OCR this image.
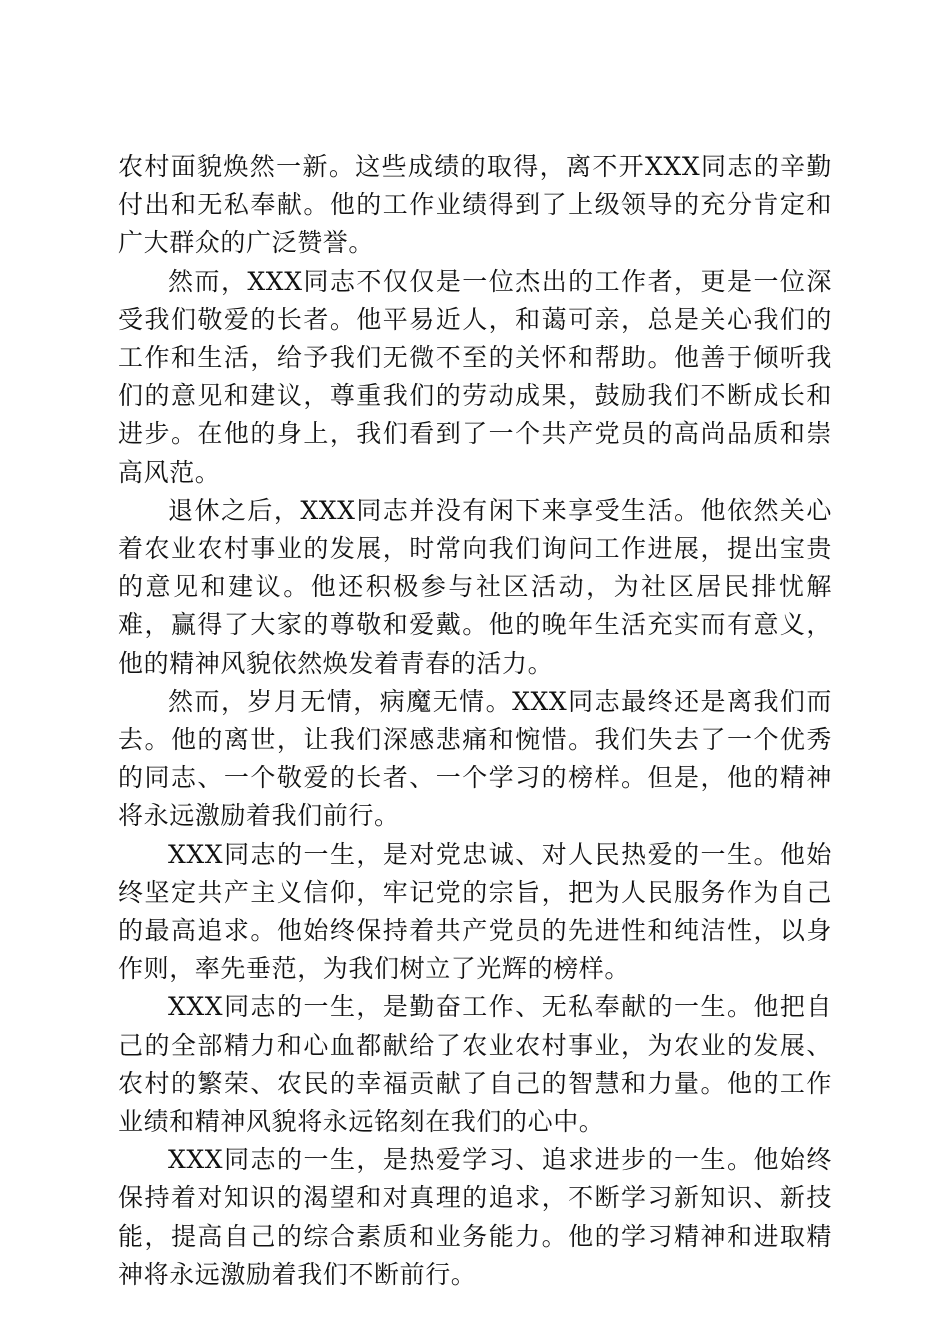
农村面貌焕然一新。这些成绩的取得，离不开XXX同志的辛勤付出和无私奉献。他的工作业绩得到了上级领导的充分肯定和广大群众的广泛赞誉。

然而，XXX同志不仅仅是一位杰出的工作者，更是一位深受我们敬爱的长者。他平易近人，和蔼可亲，总是关心我们的工作和生活，给予我们无微不至的关怀和帮助。他善于倾听我们的意见和建议，尊重我们的劳动成果，鼓励我们不断成长和进步。在他的身上，我们看到了一个共产党员的高尚品质和崇高风范。

退休之后，XXX同志并没有闲下来享受生活。他依然关心着农业农村事业的发展，时常向我们询问工作进展，提出宝贵的意见和建议。他还积极参与社区活动，为社区居民排忧解难，赢得了大家的尊敬和爱戴。他的晚年生活充实而有意义，他的精神风貌依然焕发着青春的活力。

然而，岁月无情，病魔无情。XXX同志最终还是离我们而去。他的离世，让我们深感悲痛和惋惜。我们失去了一个优秀的同志、一个敬爱的长者、一个学习的榜样。但是，他的精神将永远激励着我们前行。

XXX同志的一生，是对党忠诚、对人民热爱的一生。他始终坚定共产主义信仰，牢记党的宗旨，把为人民服务作为自己的最高追求。他始终保持着共产党员的先进性和纯洁性，以身作则，率先垂范，为我们树立了光辉的榜样。

XXX同志的一生，是勤奋工作、无私奉献的一生。他把自己的全部精力和心血都献给了农业农村事业，为农业的发展、农村的繁荣、农民的幸福贡献了自己的智慧和力量。他的工作业绩和精神风貌将永远铭刻在我们的心中。

XXX同志的一生，是热爱学习、追求进步的一生。他始终保持着对知识的渴望和对真理的追求，不断学习新知识、新技能，提高自己的综合素质和业务能力。他的学习精神和进取精神将永远激励着我们不断前行。
